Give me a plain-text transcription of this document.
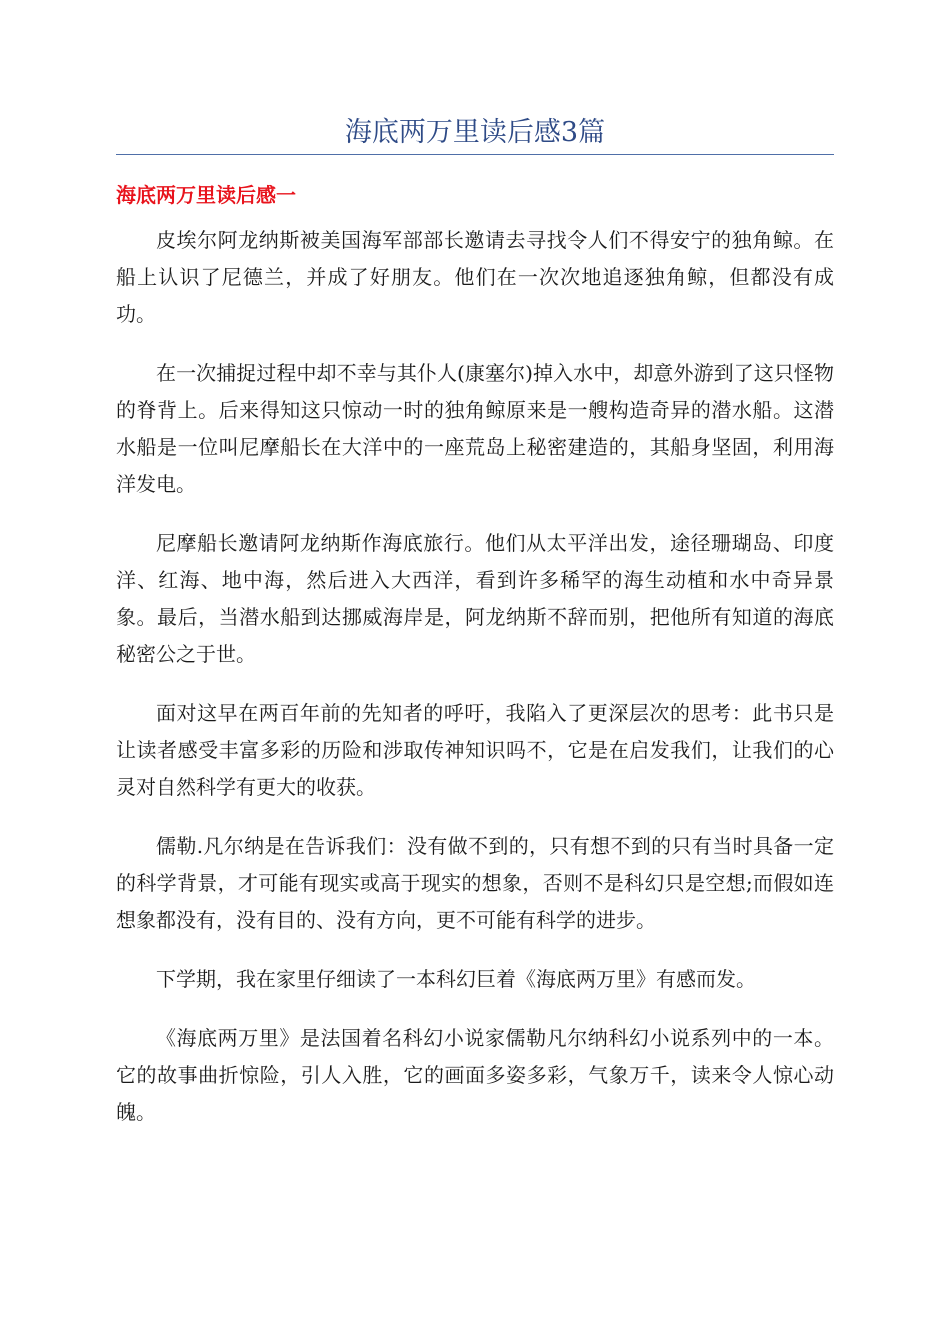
海底两万里读后感3篇
海底两万里读后感一

皮埃尔阿龙纳斯被美国海军部部长邀请去寻找令人们不得安宁的独角鲸。在船上认识了尼德兰，并成了好朋友。他们在一次次地追逐独角鲸，但都没有成功。

在一次捕捉过程中却不幸与其仆人(康塞尔)掉入水中，却意外游到了这只怪物的脊背上。后来得知这只惊动一时的独角鲸原来是一艘构造奇异的潜水船。这潜水船是一位叫尼摩船长在大洋中的一座荒岛上秘密建造的，其船身坚固，利用海洋发电。

尼摩船长邀请阿龙纳斯作海底旅行。他们从太平洋出发，途径珊瑚岛、印度洋、红海、地中海，然后进入大西洋，看到许多稀罕的海生动植和水中奇异景象。最后，当潜水船到达挪威海岸是，阿龙纳斯不辞而别，把他所有知道的海底秘密公之于世。

面对这早在两百年前的先知者的呼吁，我陷入了更深层次的思考：此书只是让读者感受丰富多彩的历险和涉取传神知识吗不，它是在启发我们，让我们的心灵对自然科学有更大的收获。

儒勒.凡尔纳是在告诉我们：没有做不到的，只有想不到的只有当时具备一定的科学背景，才可能有现实或高于现实的想象，否则不是科幻只是空想;而假如连想象都没有，没有目的、没有方向，更不可能有科学的进步。

下学期，我在家里仔细读了一本科幻巨着《海底两万里》有感而发。

《海底两万里》是法国着名科幻小说家儒勒凡尔纳科幻小说系列中的一本。它的故事曲折惊险，引人入胜，它的画面多姿多彩，气象万千，读来令人惊心动魄。
